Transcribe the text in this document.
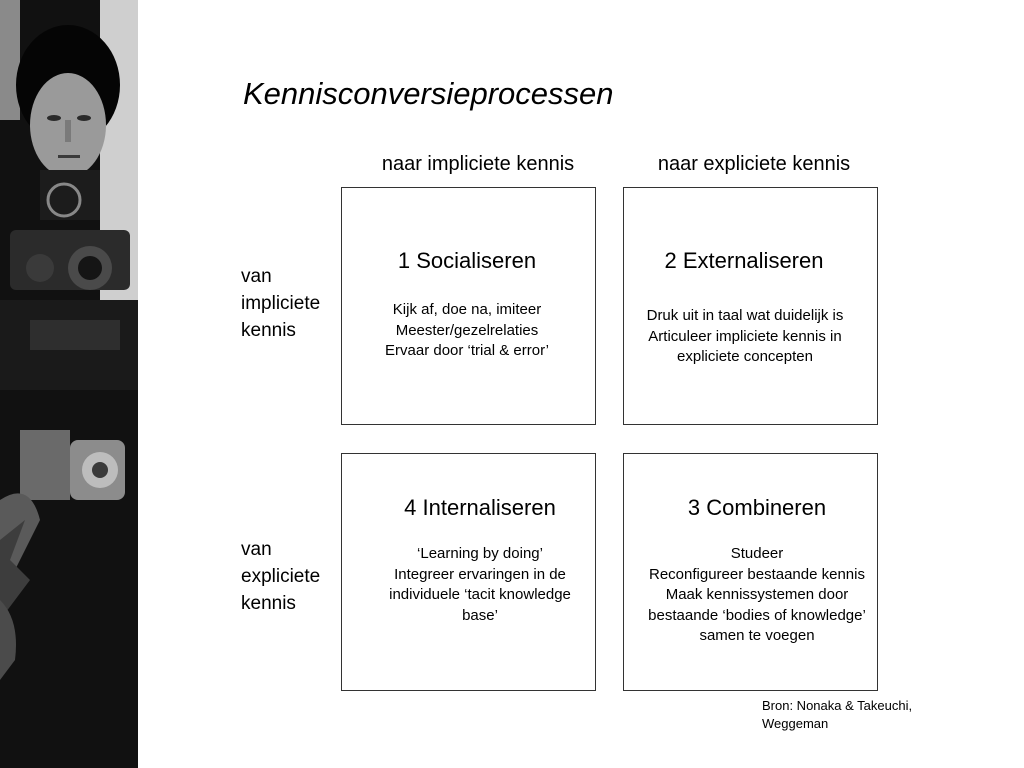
Kennisconversieprocessen
naar impliciete kennis	naar expliciete kennis
van
impliciete
kennis
van
expliciete
kennis
1 Socialiseren
Kijk af, doe na, imiteer
Meester/gezelrelaties
Ervaar door ‘trial & error’
2 Externaliseren
Druk uit in taal wat duidelijk is
Articuleer impliciete kennis in
expliciete concepten
4 Internaliseren
‘Learning by doing’
Integreer ervaringen in de
individuele ‘tacit knowledge
base’
3 Combineren
Studeer
Reconfigureer bestaande kennis
Maak kennissystemen door
bestaande ‘bodies of knowledge’
samen te voegen
Bron: Nonaka & Takeuchi,
Weggeman
